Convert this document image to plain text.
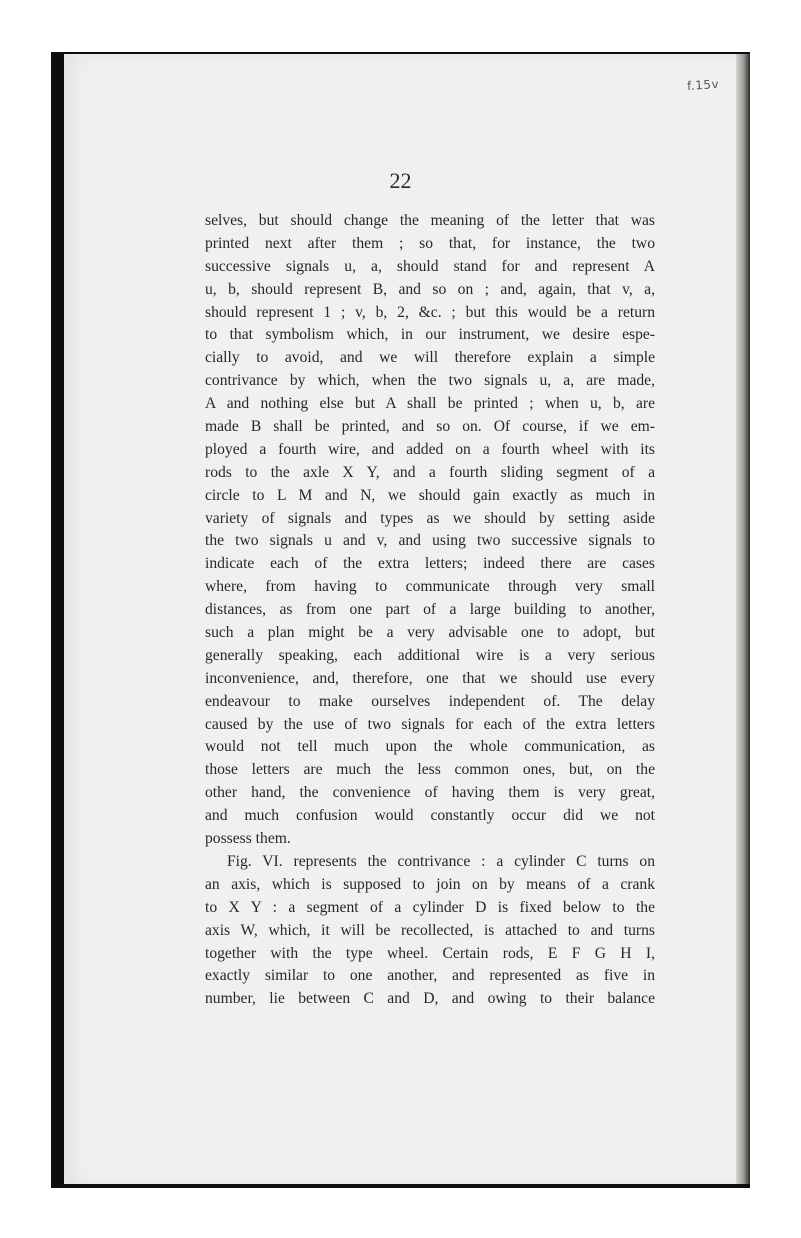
f.15v
22
selves, but should change the meaning of the letter that was
printed next after them ; so that, for instance, the two
successive signals u, a, should stand for and represent A
u, b, should represent B, and so on ; and, again, that v, a,
should represent 1 ; v, b, 2, &c. ; but this would be a return
to that symbolism which, in our instrument, we desire espe-
cially to avoid, and we will therefore explain a simple
contrivance by which, when the two signals u, a, are made,
A and nothing else but A shall be printed ; when u, b, are
made B shall be printed, and so on. Of course, if we em-
ployed a fourth wire, and added on a fourth wheel with its
rods to the axle X Y, and a fourth sliding segment of a
circle to L M and N, we should gain exactly as much in
variety of signals and types as we should by setting aside
the two signals u and v, and using two successive signals to
indicate each of the extra letters; indeed there are cases
where, from having to communicate through very small
distances, as from one part of a large building to another,
such a plan might be a very advisable one to adopt, but
generally speaking, each additional wire is a very serious
inconvenience, and, therefore, one that we should use every
endeavour to make ourselves independent of. The delay
caused by the use of two signals for each of the extra letters
would not tell much upon the whole communication, as
those letters are much the less common ones, but, on the
other hand, the convenience of having them is very great,
and much confusion would constantly occur did we not
possess them.
Fig. VI. represents the contrivance : a cylinder C turns on
an axis, which is supposed to join on by means of a crank
to X Y : a segment of a cylinder D is fixed below to the
axis W, which, it will be recollected, is attached to and turns
together with the type wheel. Certain rods, E F G H I,
exactly similar to one another, and represented as five in
number, lie between C and D, and owing to their balance
